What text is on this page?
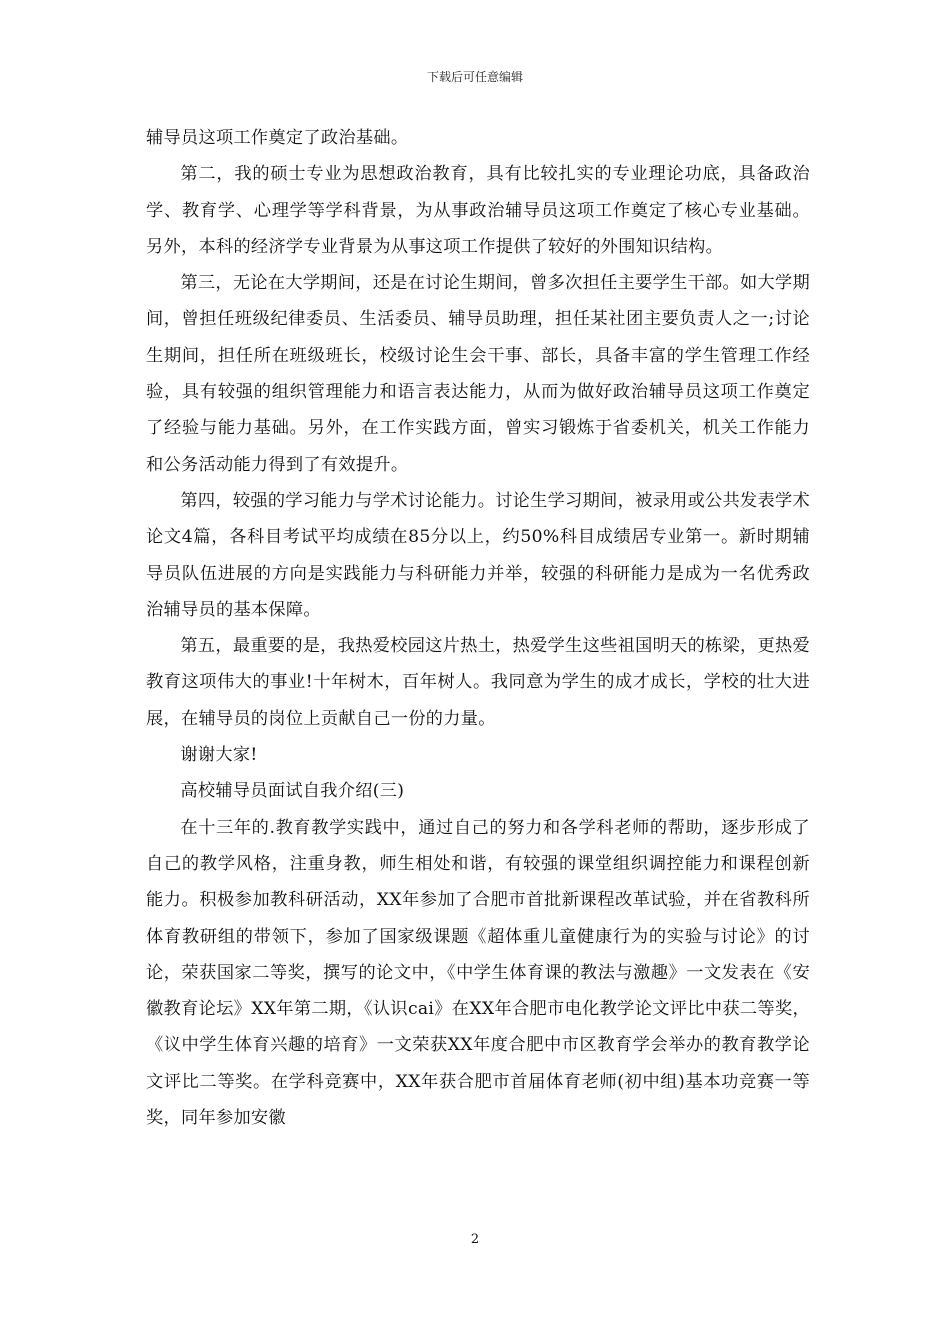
下载后可任意编辑

辅导员这项工作奠定了政治基础。

第二，我的硕士专业为思想政治教育，具有比较扎实的专业理论功底，具备政治学、教育学、心理学等学科背景，为从事政治辅导员这项工作奠定了核心专业基础。另外，本科的经济学专业背景为从事这项工作提供了较好的外围知识结构。

第三，无论在大学期间，还是在讨论生期间，曾多次担任主要学生干部。如大学期间，曾担任班级纪律委员、生活委员、辅导员助理，担任某社团主要负责人之一;讨论生期间，担任所在班级班长，校级讨论生会干事、部长，具备丰富的学生管理工作经验，具有较强的组织管理能力和语言表达能力，从而为做好政治辅导员这项工作奠定了经验与能力基础。另外，在工作实践方面，曾实习锻炼于省委机关，机关工作能力和公务活动能力得到了有效提升。

第四，较强的学习能力与学术讨论能力。讨论生学习期间，被录用或公共发表学术论文4篇，各科目考试平均成绩在85分以上，约50%科目成绩居专业第一。新时期辅导员队伍进展的方向是实践能力与科研能力并举，较强的科研能力是成为一名优秀政治辅导员的基本保障。

第五，最重要的是，我热爱校园这片热土，热爱学生这些祖国明天的栋梁，更热爱教育这项伟大的事业!十年树木，百年树人。我同意为学生的成才成长，学校的壮大进展，在辅导员的岗位上贡献自己一份的力量。

谢谢大家!

高校辅导员面试自我介绍(三)

在十三年的.教育教学实践中，通过自己的努力和各学科老师的帮助，逐步形成了自己的教学风格，注重身教，师生相处和谐，有较强的课堂组织调控能力和课程创新能力。积极参加教科研活动，XX年参加了合肥市首批新课程改革试验，并在省教科所体育教研组的带领下，参加了国家级课题《超体重儿童健康行为的实验与讨论》的讨论，荣获国家二等奖，撰写的论文中，《中学生体育课的教法与激趣》一文发表在《安徽教育论坛》XX年第二期，《认识cai》在XX年合肥市电化教学论文评比中获二等奖，《议中学生体育兴趣的培育》一文荣获XX年度合肥中市区教育学会举办的教育教学论文评比二等奖。在学科竞赛中，XX年获合肥市首届体育老师(初中组)基本功竞赛一等奖，同年参加安徽

2
